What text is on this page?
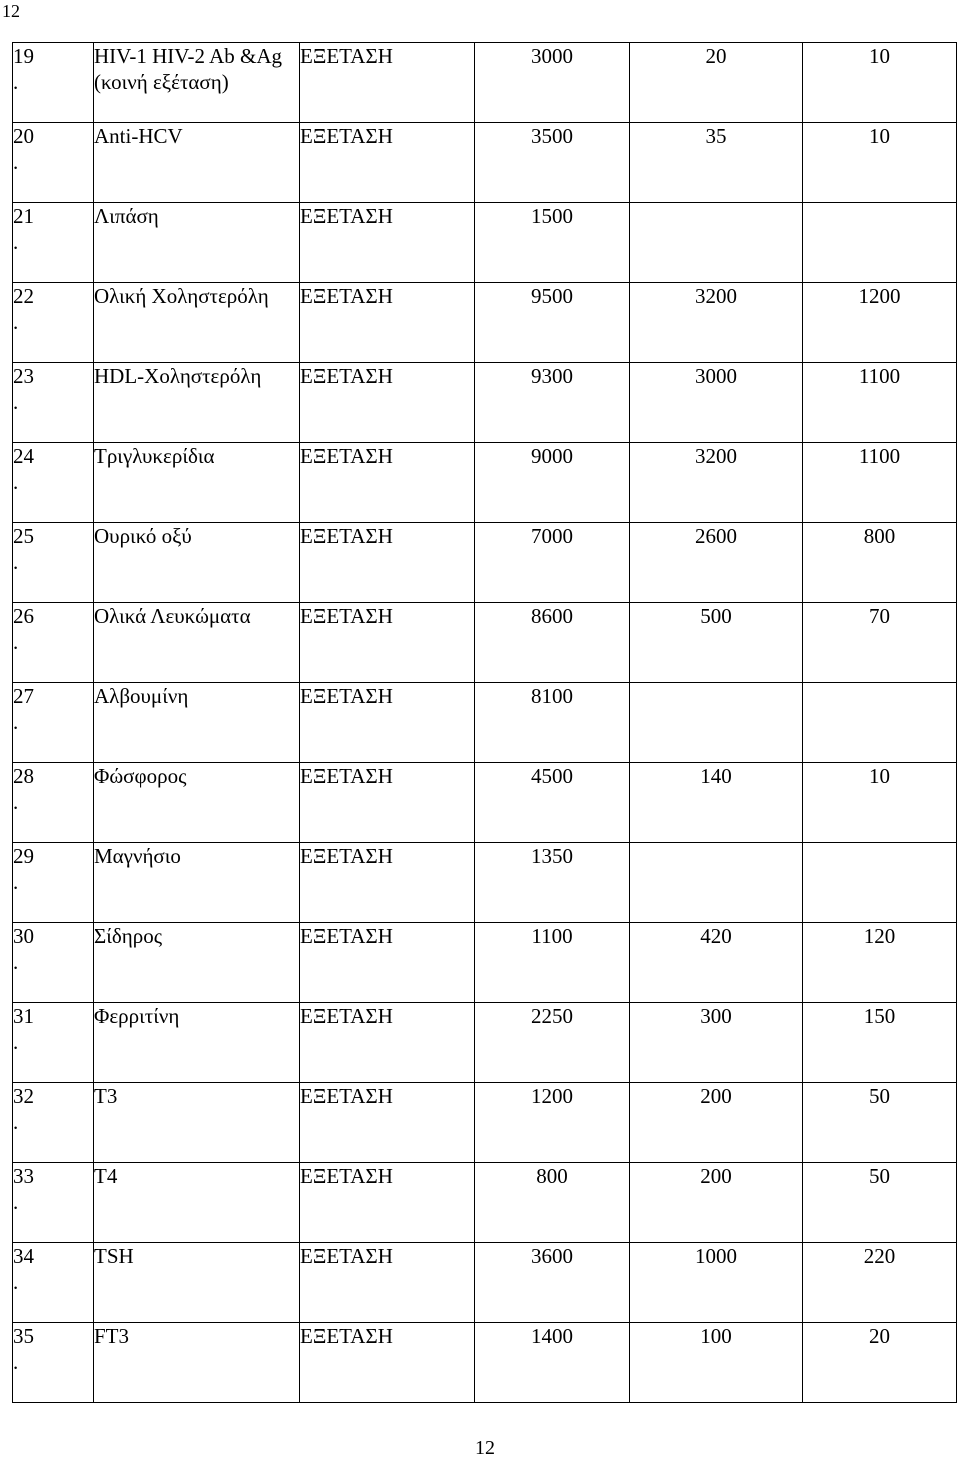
12
19
.	HIV-1 HIV-2 Ab &Ag (κοινή εξέταση)	ΕΞΕΤΑΣΗ	3000	20	10
20
.	Anti-HCV	ΕΞΕΤΑΣΗ	3500	35	10
21
.	Λιπάση	ΕΞΕΤΑΣΗ	1500		
22
.	Ολική Χοληστερόλη	ΕΞΕΤΑΣΗ	9500	3200	1200
23
.	HDL-Χοληστερόλη	ΕΞΕΤΑΣΗ	9300	3000	1100
24
.	Τριγλυκερίδια	ΕΞΕΤΑΣΗ	9000	3200	1100
25
.	Ουρικό οξύ	ΕΞΕΤΑΣΗ	7000	2600	800
26
.	Ολικά Λευκώματα	ΕΞΕΤΑΣΗ	8600	500	70
27
.	Αλβουμίνη	ΕΞΕΤΑΣΗ	8100		
28
.	Φώσφορος	ΕΞΕΤΑΣΗ	4500	140	10
29
.	Μαγνήσιο	ΕΞΕΤΑΣΗ	1350		
30
.	Σίδηρος	ΕΞΕΤΑΣΗ	1100	420	120
31
.	Φερριτίνη	ΕΞΕΤΑΣΗ	2250	300	150
32
.	T3	ΕΞΕΤΑΣΗ	1200	200	50
33
.	T4	ΕΞΕΤΑΣΗ	800	200	50
34
.	TSH	ΕΞΕΤΑΣΗ	3600	1000	220
35
.	FT3	ΕΞΕΤΑΣΗ	1400	100	20
12
